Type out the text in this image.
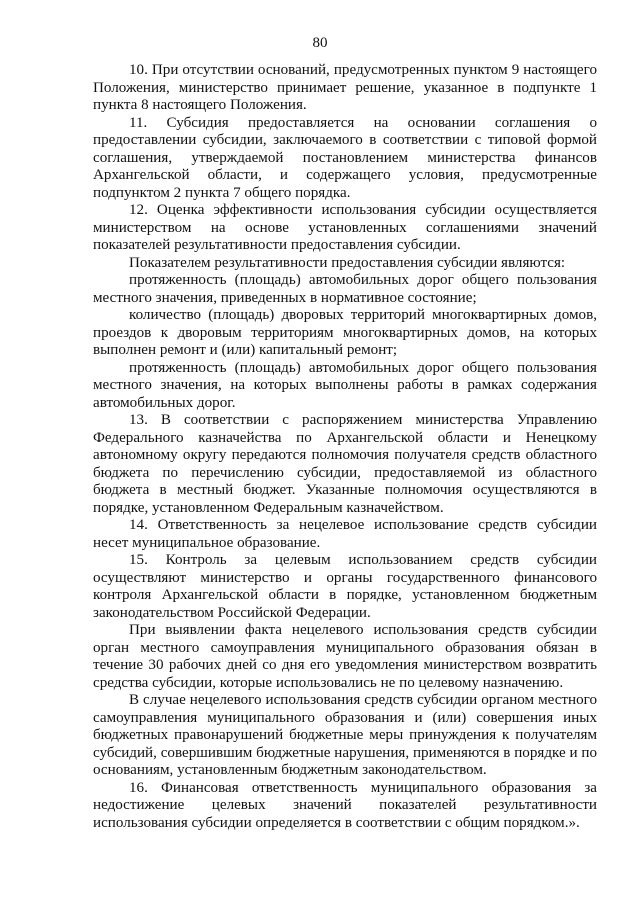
80

10. При отсутствии оснований, предусмотренных пунктом 9 настоящего Положения, министерство принимает решение, указанное в подпункте 1 пункта 8 настоящего Положения.

11. Субсидия предоставляется на основании соглашения о предоставлении субсидии, заключаемого в соответствии с типовой формой соглашения, утверждаемой постановлением министерства финансов Архангельской области, и содержащего условия, предусмотренные подпунктом 2 пункта 7 общего порядка.

12. Оценка эффективности использования субсидии осуществляется министерством на основе установленных соглашениями значений показателей результативности предоставления субсидии.

Показателем результативности предоставления субсидии являются:

протяженность (площадь) автомобильных дорог общего пользования местного значения, приведенных в нормативное состояние;

количество (площадь) дворовых территорий многоквартирных домов, проездов к дворовым территориям многоквартирных домов, на которых выполнен ремонт и (или) капитальный ремонт;

протяженность (площадь) автомобильных дорог общего пользования местного значения, на которых выполнены работы в рамках содержания автомобильных дорог.

13. В соответствии с распоряжением министерства Управлению Федерального казначейства по Архангельской области и Ненецкому автономному округу передаются полномочия получателя средств областного бюджета по перечислению субсидии, предоставляемой из областного бюджета в местный бюджет. Указанные полномочия осуществляются в порядке, установленном Федеральным казначейством.

14. Ответственность за нецелевое использование средств субсидии несет муниципальное образование.

15. Контроль за целевым использованием средств субсидии осуществляют министерство и органы государственного финансового контроля Архангельской области в порядке, установленном бюджетным законодательством Российской Федерации.

При выявлении факта нецелевого использования средств субсидии орган местного самоуправления муниципального образования обязан в течение 30 рабочих дней со дня его уведомления министерством возвратить средства субсидии, которые использовались не по целевому назначению.

В случае нецелевого использования средств субсидии органом местного самоуправления муниципального образования и (или) совершения иных бюджетных правонарушений бюджетные меры принуждения к получателям субсидий, совершившим бюджетные нарушения, применяются в порядке и по основаниям, установленным бюджетным законодательством.

16. Финансовая ответственность муниципального образования за недостижение целевых значений показателей результативности использования субсидии определяется в соответствии с общим порядком.».
